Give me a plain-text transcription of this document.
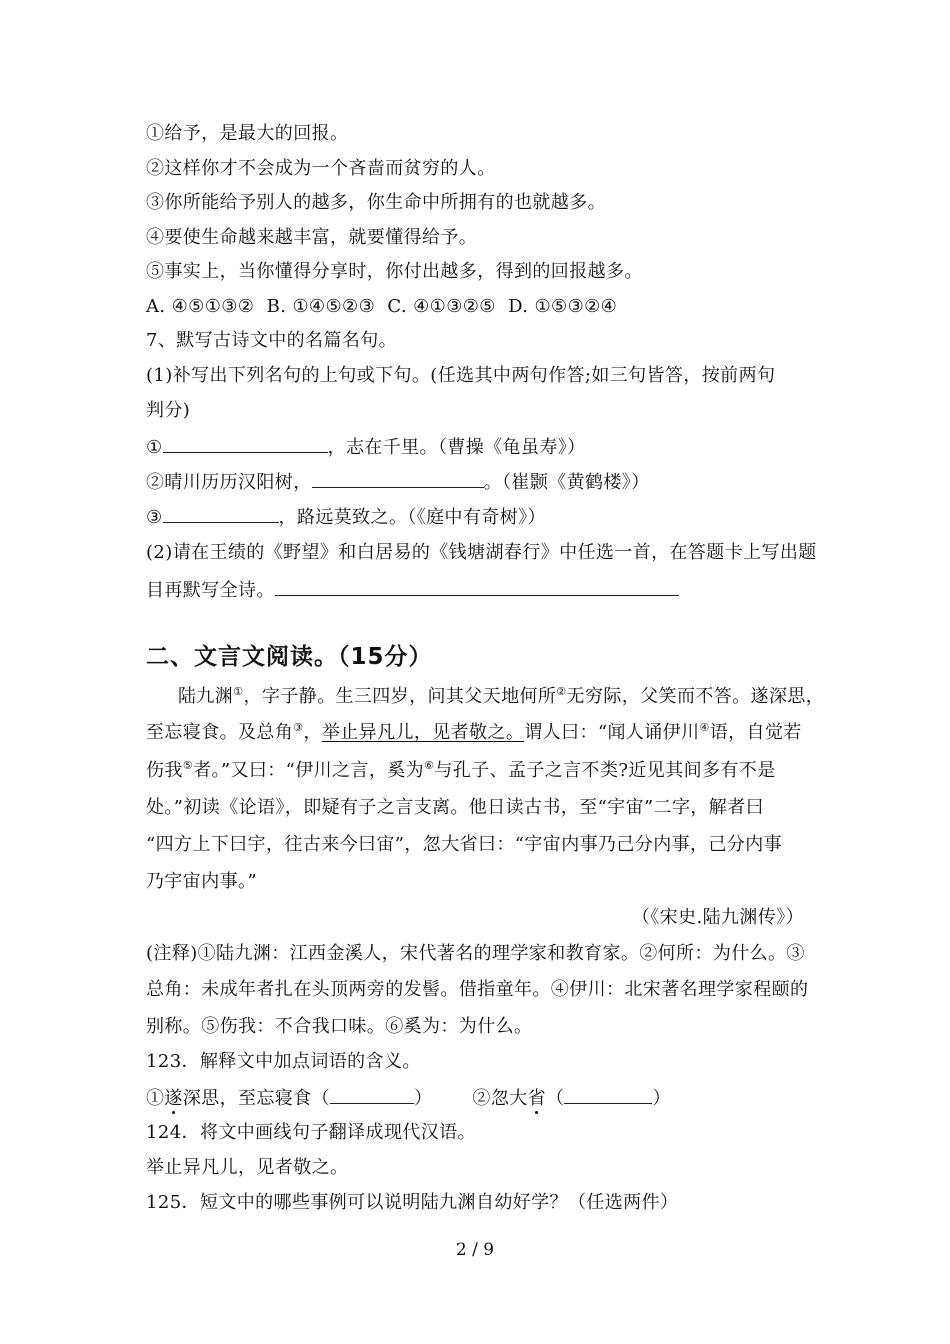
①给予，是最大的回报。
②这样你才不会成为一个吝啬而贫穷的人。
③你所能给予别人的越多，你生命中所拥有的也就越多。
④要使生命越来越丰富，就要懂得给予。
⑤事实上，当你懂得分享时，你付出越多，得到的回报越多。
A. ④⑤①③②  B. ①④⑤②③  C. ④①③②⑤  D. ①⑤③②④
7、默写古诗文中的名篇名句。
(1)补写出下列名句的上句或下句。(任选其中两句作答;如三句皆答，按前两句
判分)
①	，志在千里。（曹操《龟虽寿》）
②晴川历历汉阳树，	。（崔颢《黄鹤楼》）
③	，路远莫致之。（《庭中有奇树》）
(2)请在王绩的《野望》和白居易的《钱塘湖春行》中任选一首，在答题卡上写出题
目再默写全诗。
二、文言文阅读。（15分）
陆九渊①，字子静。生三四岁，问其父天地何所②无穷际，父笑而不答。遂深思，
至忘寝食。及总角③，举止异凡儿，见者敬之。谓人曰：“闻人诵伊川④语，自觉若
伤我⑤者。”又曰：“伊川之言，奚为⑥与孔子、孟子之言不类?近见其间多有不是
处。”初读《论语》，即疑有子之言支离。他日读古书，至“宇宙”二字，解者曰
“四方上下曰宇，往古来今曰宙”，忽大省曰：“宇宙内事乃己分内事，己分内事
乃宇宙内事。”
（《宋史.陆九渊传》）
(注释)①陆九渊：江西金溪人，宋代著名的理学家和教育家。②何所：为什么。③
总角：未成年者扎在头顶两旁的发髻。借指童年。④伊川：北宋著名理学家程颐的
别称。⑤伤我：不合我口味。⑥奚为：为什么。
123．解释文中加点词语的含义。
①遂深思，至忘寝食（	） ②忽大省（	）
124．将文中画线句子翻译成现代汉语。
举止异凡儿，见者敬之。
125．短文中的哪些事例可以说明陆九渊自幼好学？（任选两件）
2 / 9
